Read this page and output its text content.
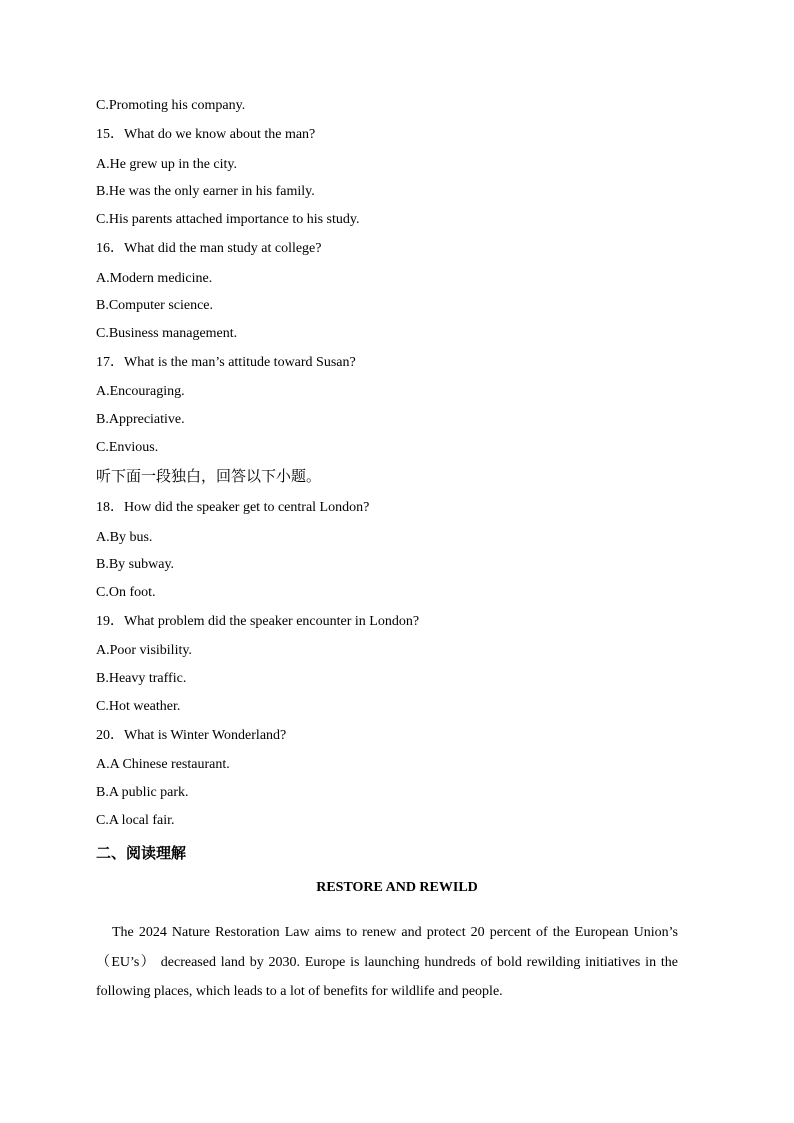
C.Promoting his company.
15．What do we know about the man?
A.He grew up in the city.
B.He was the only earner in his family.
C.His parents attached importance to his study.
16．What did the man study at college?
A.Modern medicine.
B.Computer science.
C.Business management.
17．What is the man’s attitude toward Susan?
A.Encouraging.
B.Appreciative.
C.Envious.
听下面一段独白，回答以下小题。
18．How did the speaker get to central London?
A.By bus.
B.By subway.
C.On foot.
19．What problem did the speaker encounter in London?
A.Poor visibility.
B.Heavy traffic.
C.Hot weather.
20．What is Winter Wonderland?
A.A Chinese restaurant.
B.A public park.
C.A local fair.
二、阅读理解
RESTORE AND REWILD
The 2024 Nature Restoration Law aims to renew and protect 20 percent of the European Union’s （EU’s） decreased land by 2030. Europe is launching hundreds of bold rewilding initiatives in the following places, which leads to a lot of benefits for wildlife and people.
